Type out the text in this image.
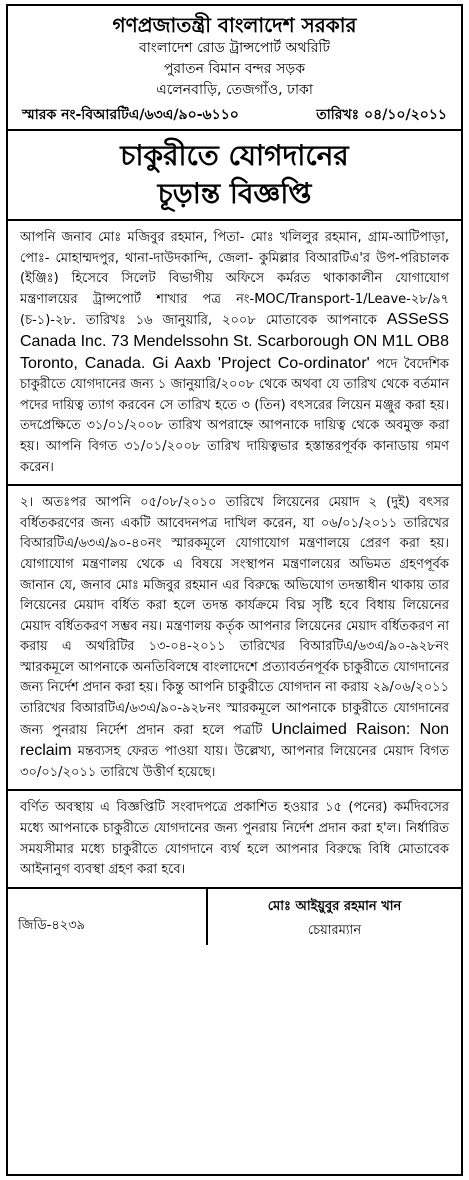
গণপ্রজাতন্ত্রী বাংলাদেশ সরকার
বাংলাদেশ রোড ট্রান্সপোর্ট অথরিটি
পুরাতন বিমান বন্দর সড়ক
এলেনবাড়ি, তেজগাঁও, ঢাকা
স্মারক নং-বিআরটিএ/৬৩এ/৯০-৬১১০	তারিখঃ ০৪/১০/২০১১
চাকুরীতে যোগদানের
চূড়ান্ত বিজ্ঞপ্তি

আপনি জনাব মোঃ মজিবুর রহমান, পিতা- মোঃ খলিলুর রহমান, গ্রাম-আটিপাড়া, পোঃ- মোহাম্মদপুর, থানা-দাউদকান্দি, জেলা- কুমিল্লার বিআরটিএ'র উপ-পরিচালক (ইঞ্জিঃ) হিসেবে সিলেট বিভাগীয় অফিসে কর্মরত থাকাকালীন যোগাযোগ মন্ত্রণালয়ের ট্রান্সপোর্ট শাখার পত্র নং-MOC/Transport-1/Leave-২৮/৯৭ (চ-১)-২৮. তারিখঃ ১৬ জানুয়ারি, ২০০৮ মোতাবেক আপনাকে ASSeSS Canada Inc. 73 Mendelssohn St. Scarborough ON M1L OB8 Toronto, Canada. Gi Aaxb 'Project Co-ordinator' পদে বৈদেশিক চাকুরীতে যোগদানের জন্য ১ জানুয়ারি/২০০৮ থেকে অথবা যে তারিখ থেকে বর্তমান পদের দায়িত্ব ত্যাগ করবেন সে তারিখ হতে ৩ (তিন) বৎসরের লিয়েন মঞ্জুর করা হয়। তদপ্রেক্ষিতে ৩১/০১/২০০৮ তারিখ অপরাহ্নে আপনাকে দায়িত্ব থেকে অবমুক্ত করা হয়। আপনি বিগত ৩১/০১/২০০৮ তারিখ দায়িত্বভার হস্তান্তরপূর্বক কানাডায় গমণ করেন।

২। অতঃপর আপনি ০৫/০৮/২০১০ তারিখে লিয়েনের মেয়াদ ২ (দুই) বৎসর বর্ধিতকরণের জন্য একটি আবেদনপত্র দাখিল করেন, যা ০৬/০১/২০১১ তারিখের বিআরটিএ/৬৩এ/৯০-৪০নং স্মারকমূলে যোগাযোগ মন্ত্রণালয়ে প্রেরণ করা হয়। যোগাযোগ মন্ত্রণালয় থেকে এ বিষয়ে সংস্থাপন মন্ত্রণালয়ের অভিমত গ্রহণপূর্বক জানান যে, জনাব মোঃ মজিবুর রহমান এর বিরুদ্ধে অভিযোগ তদন্তাধীন থাকায় তার লিয়েনের মেয়াদ বর্ধিত করা হলে তদন্ত কার্যক্রমে বিঘ্ন সৃষ্টি হবে বিধায় লিয়েনের মেয়াদ বর্ধিতকরণ সম্ভব নয়। মন্ত্রণালয় কর্তৃক আপনার লিয়েনের মেয়াদ বর্ধিতকরণ না করায় এ অথরিটির ১৩-০৪-২০১১ তারিখের বিআরটিএ/৬৩এ/৯০-৯২৮নং স্মারকমূলে আপনাকে অনতিবিলম্বে বাংলাদেশে প্রত্যাবর্তনপূর্বক চাকুরীতে যোগদানের জন্য নির্দেশ প্রদান করা হয়। কিন্তু আপনি চাকুরীতে যোগদান না করায় ২৯/০৬/২০১১ তারিখের বিআরটিএ/৬৩এ/৯০-৯২৮নং স্মারকমূলে আপনাকে চাকুরীতে যোগদানের জন্য পুনরায় নির্দেশ প্রদান করা হলে পত্রটি Unclaimed Raison: Non reclaim মন্তব্যসহ ফেরত পাওয়া যায়। উল্লেখ্য, আপনার লিয়েনের মেয়াদ বিগত ৩০/০১/২০১১ তারিখে উত্তীর্ণ হয়েছে।

বর্ণিত অবস্থায় এ বিজ্ঞপ্তিটি সংবাদপত্রে প্রকাশিত হওয়ার ১৫ (পনের) কর্মদিবসের মধ্যে আপনাকে চাকুরীতে যোগদানের জন্য পুনরায় নির্দেশ প্রদান করা হ'ল। নির্ধারিত সময়সীমার মধ্যে চাকুরীতে যোগদানে ব্যর্থ হলে আপনার বিরুদ্ধে বিধি মোতাবেক আইনানুগ ব্যবস্থা গ্রহণ করা হবে।

জিডি-৪২৩৯
মোঃ আইয়ুবুর রহমান খান
চেয়ারম্যান
